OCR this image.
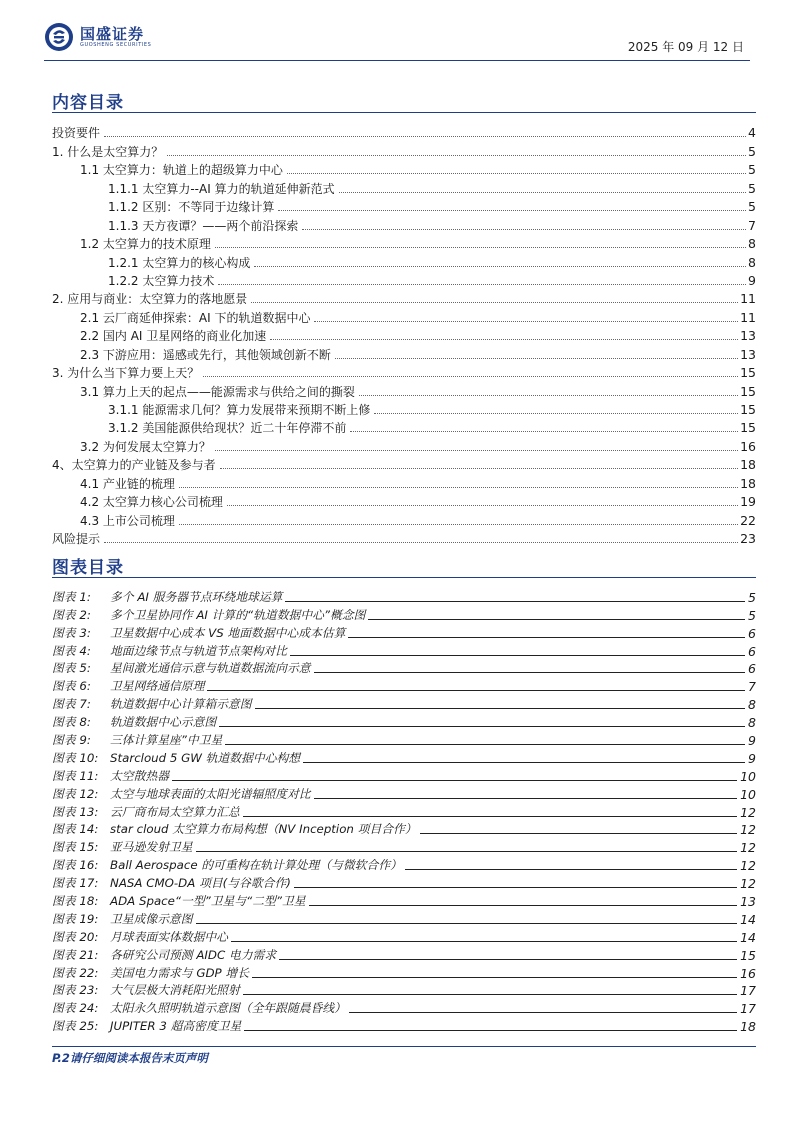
国盛证券
GUOSHENG SECURITIES	2025 年 09 月 12 日
内容目录
投资要件	4
1. 什么是太空算力？	5
1.1 太空算力：轨道上的超级算力中心	5
1.1.1 太空算力--AI 算力的轨道延伸新范式	5
1.1.2 区别：不等同于边缘计算	5
1.1.3 天方夜谭？——两个前沿探索	7
1.2 太空算力的技术原理	8
1.2.1 太空算力的核心构成	8
1.2.2 太空算力技术	9
2. 应用与商业：太空算力的落地愿景	11
2.1 云厂商延伸探索：AI 下的轨道数据中心	11
2.2 国内 AI 卫星网络的商业化加速	13
2.3 下游应用：遥感或先行，其他领域创新不断	13
3. 为什么当下算力要上天？	15
3.1 算力上天的起点——能源需求与供给之间的撕裂	15
3.1.1 能源需求几何？算力发展带来预期不断上修	15
3.1.2 美国能源供给现状？近二十年停滞不前	15
3.2 为何发展太空算力？	16
4、太空算力的产业链及参与者	18
4.1 产业链的梳理	18
4.2 太空算力核心公司梳理	19
4.3 上市公司梳理	22
风险提示	23
图表目录
图表 1:	多个 AI 服务器节点环绕地球运算	5
图表 2:	多个卫星协同作 AI 计算的“轨道数据中心”概念图	5
图表 3:	卫星数据中心成本 VS 地面数据中心成本估算	6
图表 4:	地面边缘节点与轨道节点架构对比	6
图表 5:	星间激光通信示意与轨道数据流向示意	6
图表 6:	卫星网络通信原理	7
图表 7:	轨道数据中心计算箱示意图	8
图表 8:	轨道数据中心示意图	8
图表 9:	三体计算星座”中卫星	9
图表 10: Starcloud 5 GW 轨道数据中心构想	9
图表 11: 太空散热器	10
图表 12: 太空与地球表面的太阳光谱辐照度对比	10
图表 13: 云厂商布局太空算力汇总	12
图表 14: star cloud 太空算力布局构想（NV Inception 项目合作）	12
图表 15: 亚马逊发射卫星	12
图表 16: Ball Aerospace 的可重构在轨计算处理（与微软合作）	12
图表 17: NASA CMO-DA 项目(与谷歌合作)	12
图表 18: ADA Space“一型”卫星与“二型”卫星	13
图表 19: 卫星成像示意图	14
图表 20: 月球表面实体数据中心	14
图表 21: 各研究公司预测 AIDC 电力需求	15
图表 22: 美国电力需求与 GDP 增长	16
图表 23: 大气层极大消耗阳光照射	17
图表 24: 太阳永久照明轨道示意图（全年跟随晨昏线）	17
图表 25: JUPITER 3 超高密度卫星	18
P.2请仔细阅读本报告末页声明
